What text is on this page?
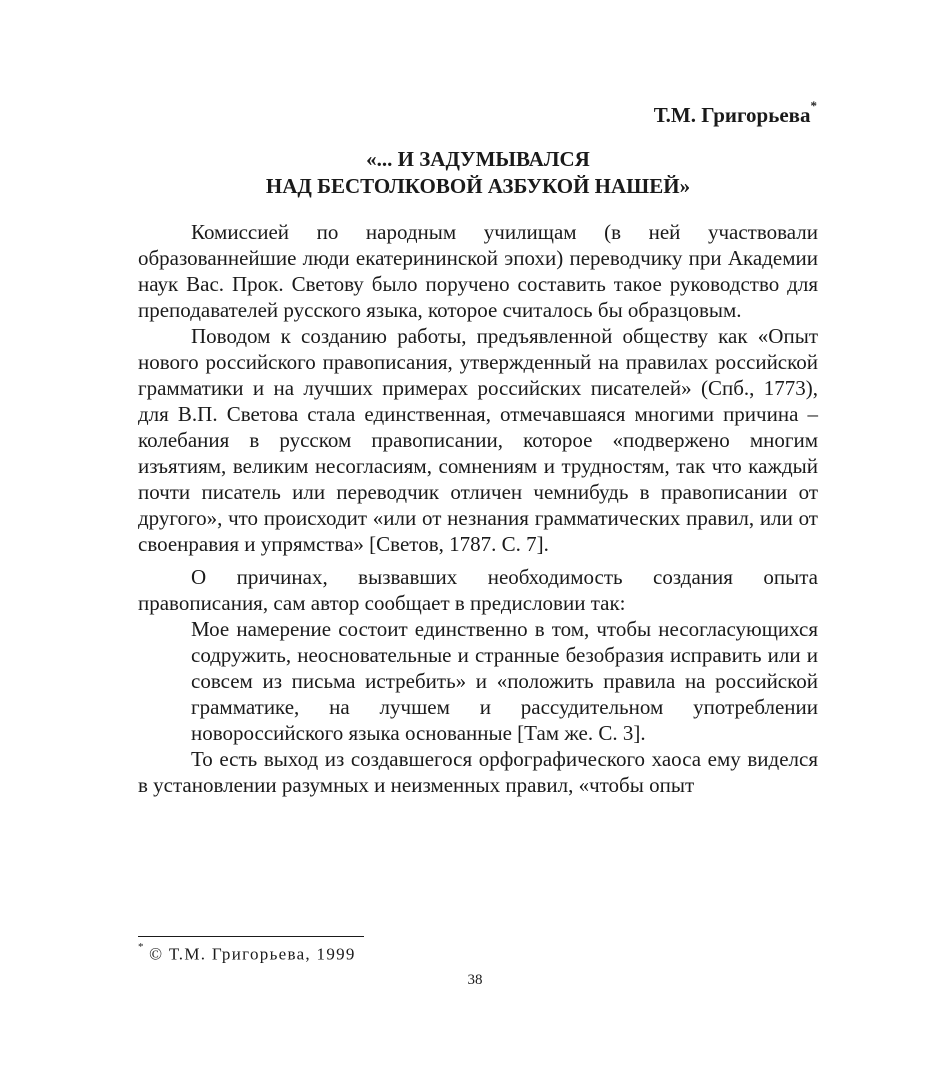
Т.М. Григорьева*
«... И ЗАДУМЫВАЛСЯ
НАД БЕСТОЛКОВОЙ АЗБУКОЙ НАШЕЙ»

Комиссией по народным училищам (в ней участвовали образованнейшие люди екатерининской эпохи) переводчику при Академии наук Вас. Прок. Светову было поручено составить такое руководство для преподавателей русского языка, которое считалось бы образцовым.

Поводом к созданию работы, предъявленной обществу как «Опыт нового российского правописания, утвержденный на правилах российской грамматики и на лучших примерах российских писателей» (Спб., 1773), для В.П. Светова стала единственная, отмечавшаяся многими причина – колебания в русском правописании, которое «подвержено многим изъятиям, великим несогласиям, сомнениям и трудностям, так что каждый почти писатель или переводчик отличен чемнибудь в правописании от другого», что происходит «или от незнания грамматических правил, или от своенравия и упрямства» [Светов, 1787. С. 7].

О причинах, вызвавших необходимость создания опыта правописания, сам автор сообщает в предисловии так:

Мое намерение состоит единственно в том, чтобы несогласующихся содружить, неосновательные и странные безобразия исправить или и совсем из письма истребить» и «положить правила на российской грамматике, на лучшем и рассудительном употреблении новороссийского языка основанные [Там же. С. 3].

То есть выход из создавшегося орфографического хаоса ему виделся в установлении разумных и неизменных правил, «чтобы опыт

* © Т.М. Григорьева, 1999
38
